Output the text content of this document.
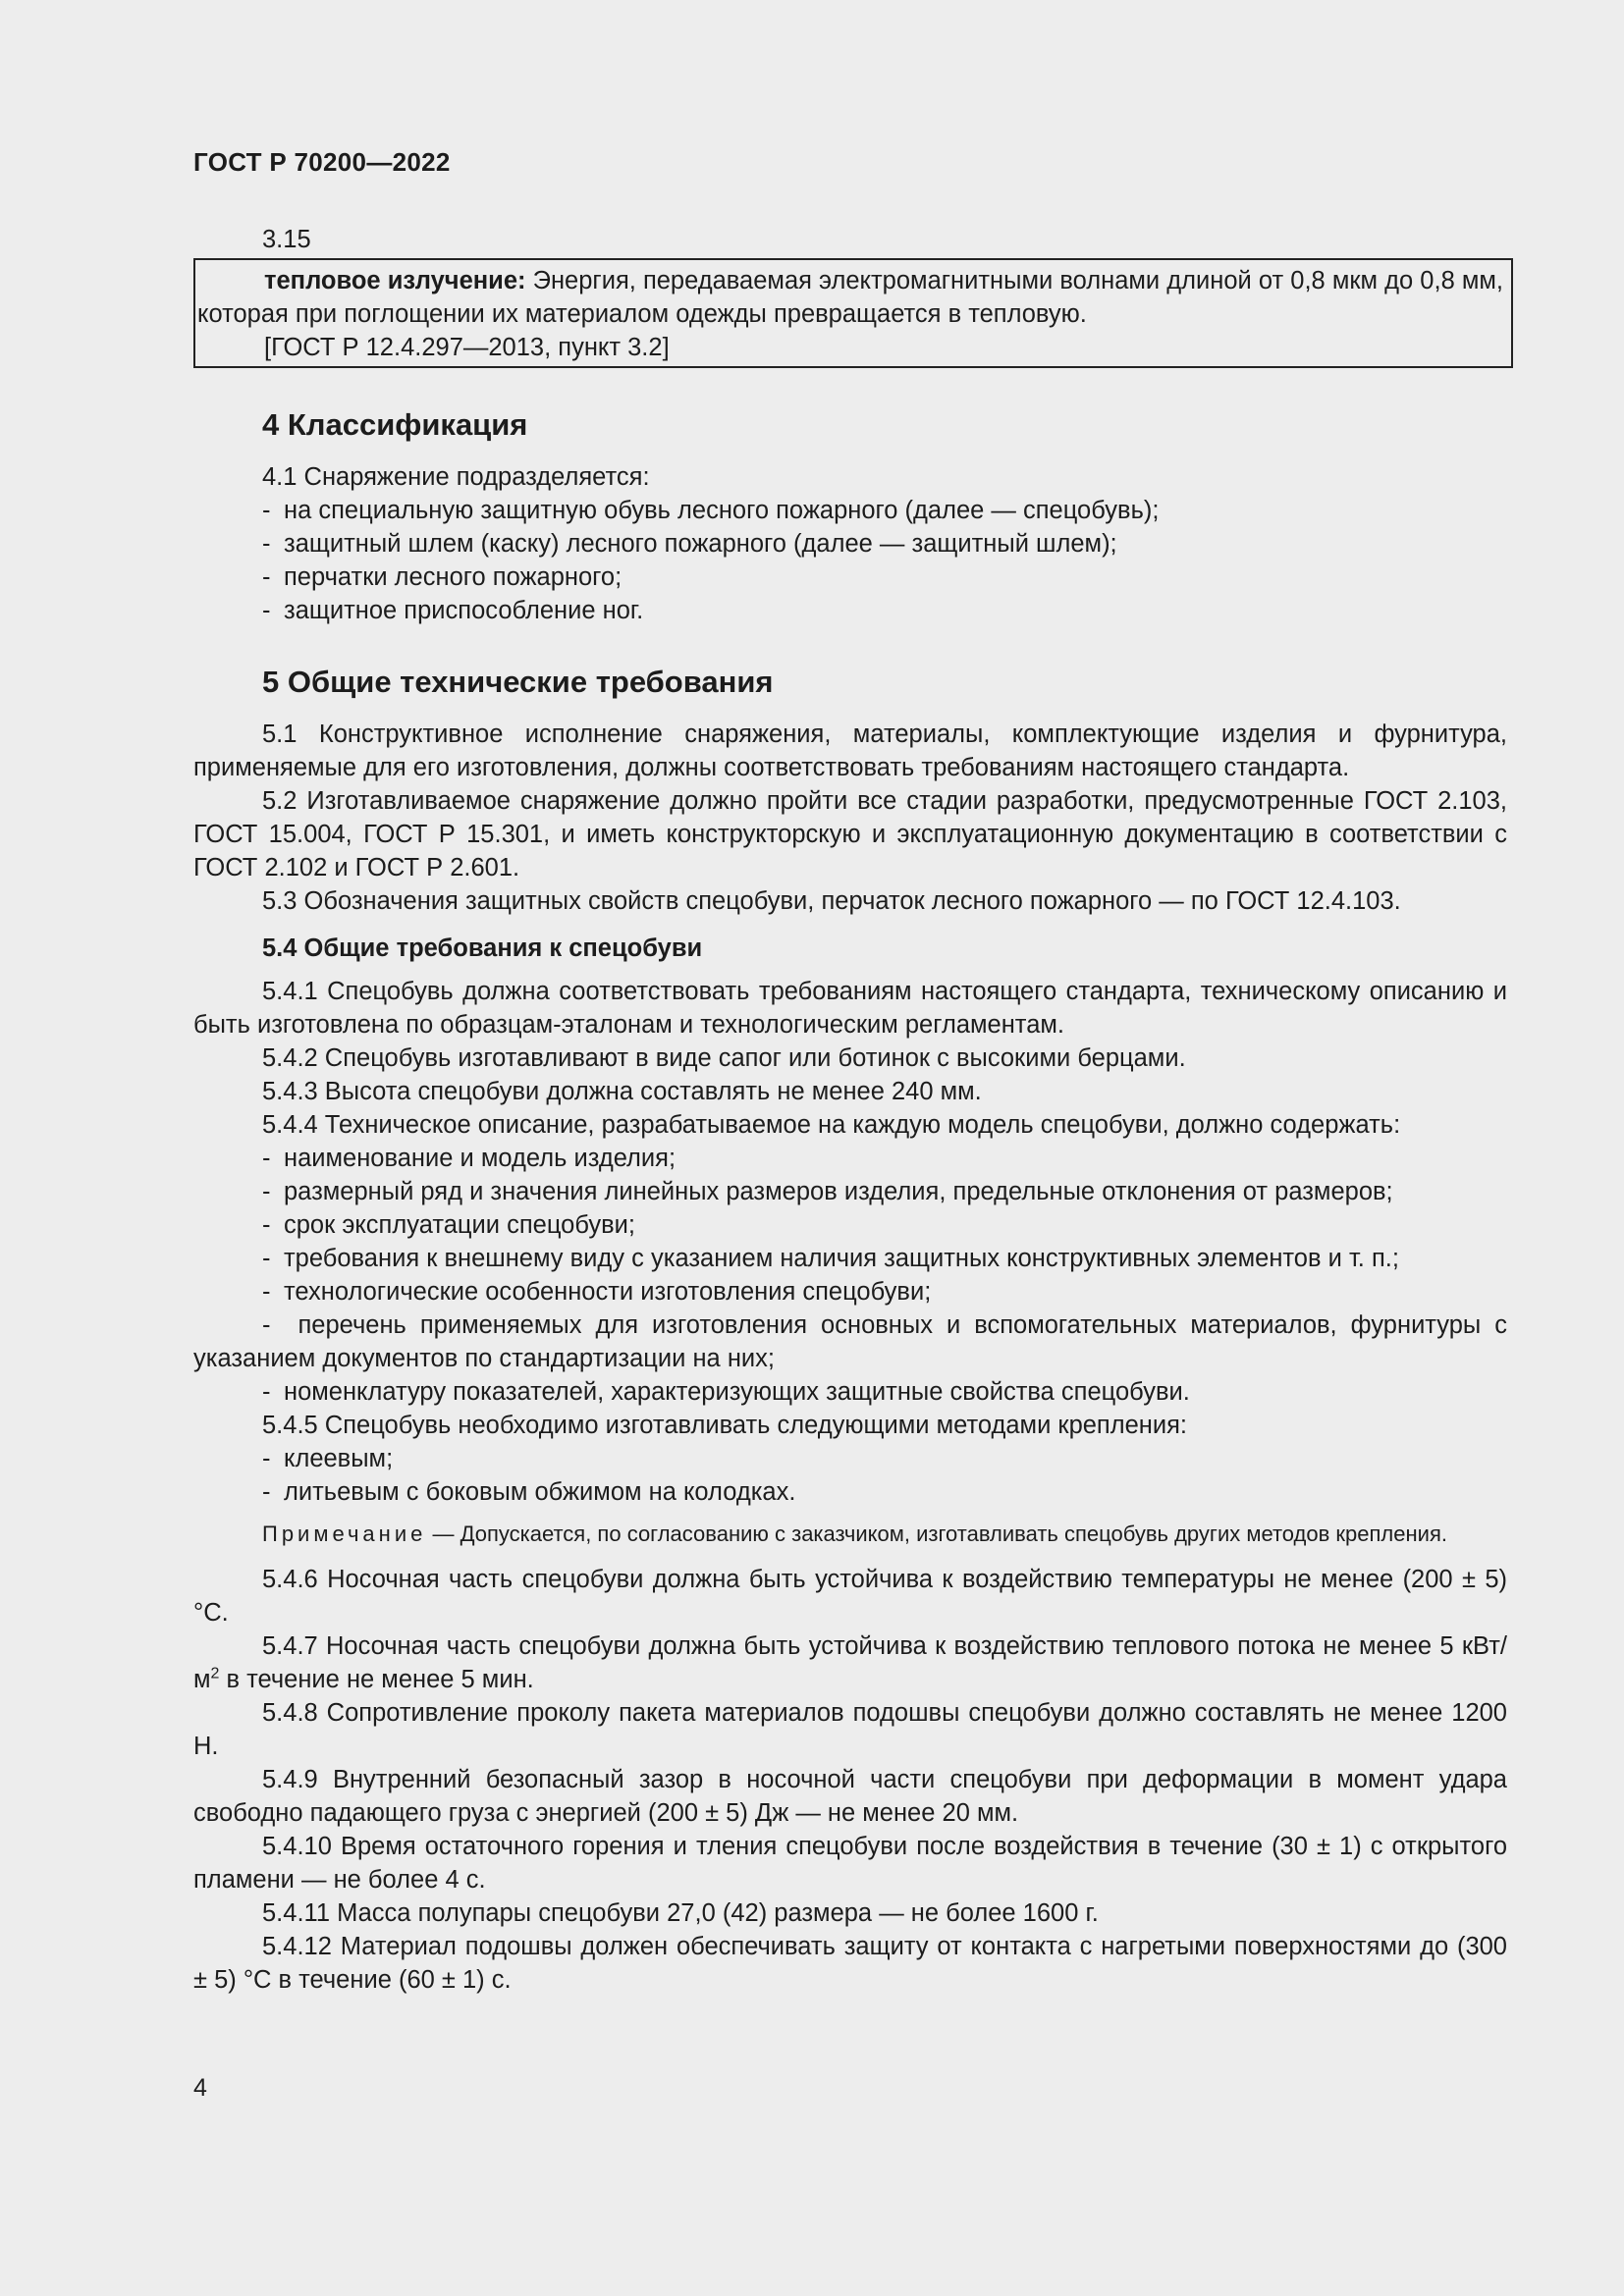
ГОСТ Р 70200—2022

3.15

тепловое излучение: Энергия, передаваемая электромагнитными волнами длиной от 0,8 мкм до 0,8 мм, которая при поглощении их материалом одежды превращается в тепловую.

[ГОСТ Р 12.4.297—2013, пункт 3.2]

4 Классификация

4.1 Снаряжение подразделяется:

- на специальную защитную обувь лесного пожарного (далее — спецобувь);

- защитный шлем (каску) лесного пожарного (далее — защитный шлем);

- перчатки лесного пожарного;

- защитное приспособление ног.

5 Общие технические требования

5.1 Конструктивное исполнение снаряжения, материалы, комплектующие изделия и фурнитура, применяемые для его изготовления, должны соответствовать требованиям настоящего стандарта.

5.2 Изготавливаемое снаряжение должно пройти все стадии разработки, предусмотренные ГОСТ 2.103, ГОСТ 15.004, ГОСТ Р 15.301, и иметь конструкторскую и эксплуатационную документацию в соответствии с ГОСТ 2.102 и ГОСТ Р 2.601.

5.3 Обозначения защитных свойств спецобуви, перчаток лесного пожарного — по ГОСТ 12.4.103.

5.4 Общие требования к спецобуви

5.4.1 Спецобувь должна соответствовать требованиям настоящего стандарта, техническому описанию и быть изготовлена по образцам-эталонам и технологическим регламентам.

5.4.2 Спецобувь изготавливают в виде сапог или ботинок с высокими берцами.

5.4.3 Высота спецобуви должна составлять не менее 240 мм.

5.4.4 Техническое описание, разрабатываемое на каждую модель спецобуви, должно содержать:

- наименование и модель изделия;

- размерный ряд и значения линейных размеров изделия, предельные отклонения от размеров;

- срок эксплуатации спецобуви;

- требования к внешнему виду с указанием наличия защитных конструктивных элементов и т. п.;

- технологические особенности изготовления спецобуви;

-  перечень применяемых для изготовления основных и вспомогательных материалов, фурнитуры с указанием документов по стандартизации на них;

- номенклатуру показателей, характеризующих защитные свойства спецобуви.

5.4.5 Спецобувь необходимо изготавливать следующими методами крепления:

- клеевым;

- литьевым с боковым обжимом на колодках.

Примечание — Допускается, по согласованию с заказчиком, изготавливать спецобувь других методов крепления.

5.4.6 Носочная часть спецобуви должна быть устойчива к воздействию температуры не менее (200 ± 5) °С.

5.4.7 Носочная часть спецобуви должна быть устойчива к воздействию теплового потока не менее 5 кВт/$м^2$ в течение не менее 5 мин.

5.4.8 Сопротивление проколу пакета материалов подошвы спецобуви должно составлять не менее 1200 Н.

5.4.9 Внутренний безопасный зазор в носочной части спецобуви при деформации в момент удара свободно падающего груза с энергией (200 ± 5) Дж — не менее 20 мм.

5.4.10 Время остаточного горения и тления спецобуви после воздействия в течение (30 ± 1) с открытого пламени — не более 4 с.

5.4.11 Масса полупары спецобуви 27,0 (42) размера — не более 1600 г.

5.4.12 Материал подошвы должен обеспечивать защиту от контакта с нагретыми поверхностями до (300 ± 5) °С в течение (60 ± 1) с.

4
